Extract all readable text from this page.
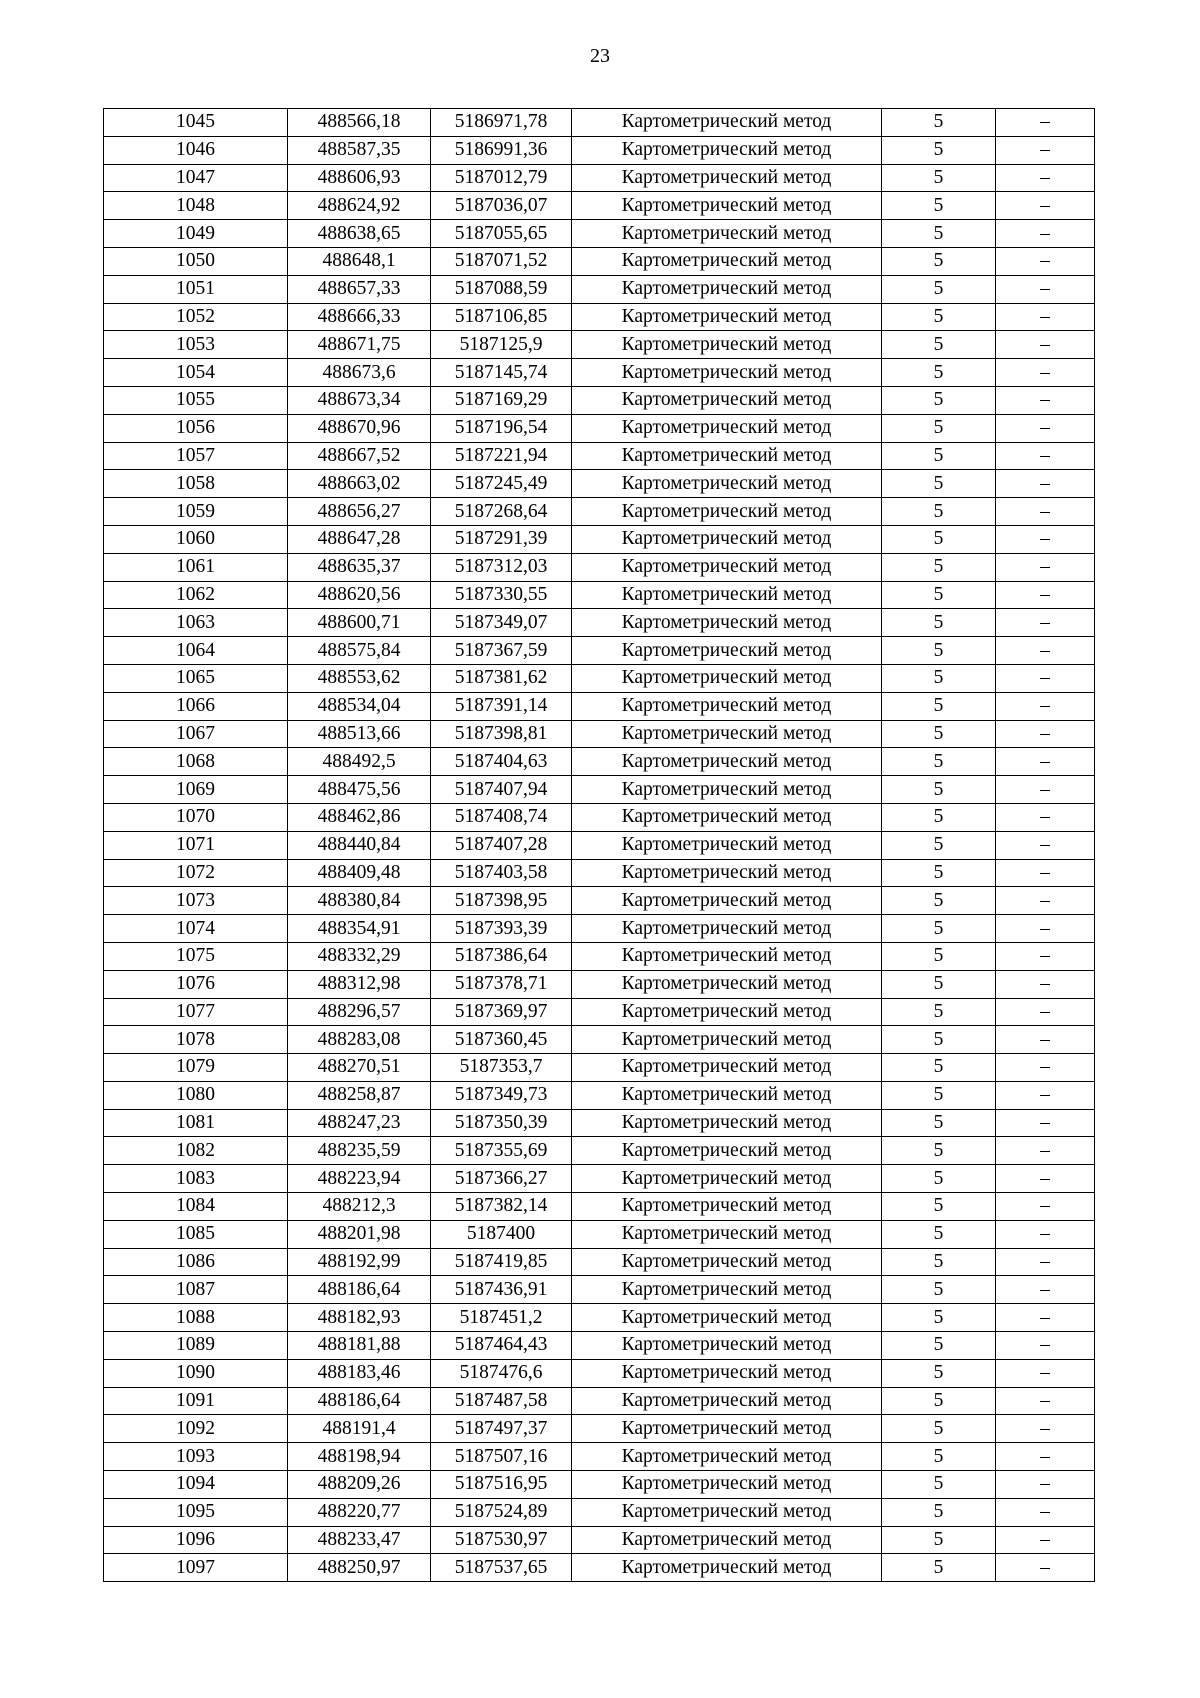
23
1045	488566,18	5186971,78	Картометрический метод	5	–
1046	488587,35	5186991,36	Картометрический метод	5	–
1047	488606,93	5187012,79	Картометрический метод	5	–
1048	488624,92	5187036,07	Картометрический метод	5	–
1049	488638,65	5187055,65	Картометрический метод	5	–
1050	488648,1	5187071,52	Картометрический метод	5	–
1051	488657,33	5187088,59	Картометрический метод	5	–
1052	488666,33	5187106,85	Картометрический метод	5	–
1053	488671,75	5187125,9	Картометрический метод	5	–
1054	488673,6	5187145,74	Картометрический метод	5	–
1055	488673,34	5187169,29	Картометрический метод	5	–
1056	488670,96	5187196,54	Картометрический метод	5	–
1057	488667,52	5187221,94	Картометрический метод	5	–
1058	488663,02	5187245,49	Картометрический метод	5	–
1059	488656,27	5187268,64	Картометрический метод	5	–
1060	488647,28	5187291,39	Картометрический метод	5	–
1061	488635,37	5187312,03	Картометрический метод	5	–
1062	488620,56	5187330,55	Картометрический метод	5	–
1063	488600,71	5187349,07	Картометрический метод	5	–
1064	488575,84	5187367,59	Картометрический метод	5	–
1065	488553,62	5187381,62	Картометрический метод	5	–
1066	488534,04	5187391,14	Картометрический метод	5	–
1067	488513,66	5187398,81	Картометрический метод	5	–
1068	488492,5	5187404,63	Картометрический метод	5	–
1069	488475,56	5187407,94	Картометрический метод	5	–
1070	488462,86	5187408,74	Картометрический метод	5	–
1071	488440,84	5187407,28	Картометрический метод	5	–
1072	488409,48	5187403,58	Картометрический метод	5	–
1073	488380,84	5187398,95	Картометрический метод	5	–
1074	488354,91	5187393,39	Картометрический метод	5	–
1075	488332,29	5187386,64	Картометрический метод	5	–
1076	488312,98	5187378,71	Картометрический метод	5	–
1077	488296,57	5187369,97	Картометрический метод	5	–
1078	488283,08	5187360,45	Картометрический метод	5	–
1079	488270,51	5187353,7	Картометрический метод	5	–
1080	488258,87	5187349,73	Картометрический метод	5	–
1081	488247,23	5187350,39	Картометрический метод	5	–
1082	488235,59	5187355,69	Картометрический метод	5	–
1083	488223,94	5187366,27	Картометрический метод	5	–
1084	488212,3	5187382,14	Картометрический метод	5	–
1085	488201,98	5187400	Картометрический метод	5	–
1086	488192,99	5187419,85	Картометрический метод	5	–
1087	488186,64	5187436,91	Картометрический метод	5	–
1088	488182,93	5187451,2	Картометрический метод	5	–
1089	488181,88	5187464,43	Картометрический метод	5	–
1090	488183,46	5187476,6	Картометрический метод	5	–
1091	488186,64	5187487,58	Картометрический метод	5	–
1092	488191,4	5187497,37	Картометрический метод	5	–
1093	488198,94	5187507,16	Картометрический метод	5	–
1094	488209,26	5187516,95	Картометрический метод	5	–
1095	488220,77	5187524,89	Картометрический метод	5	–
1096	488233,47	5187530,97	Картометрический метод	5	–
1097	488250,97	5187537,65	Картометрический метод	5	–
